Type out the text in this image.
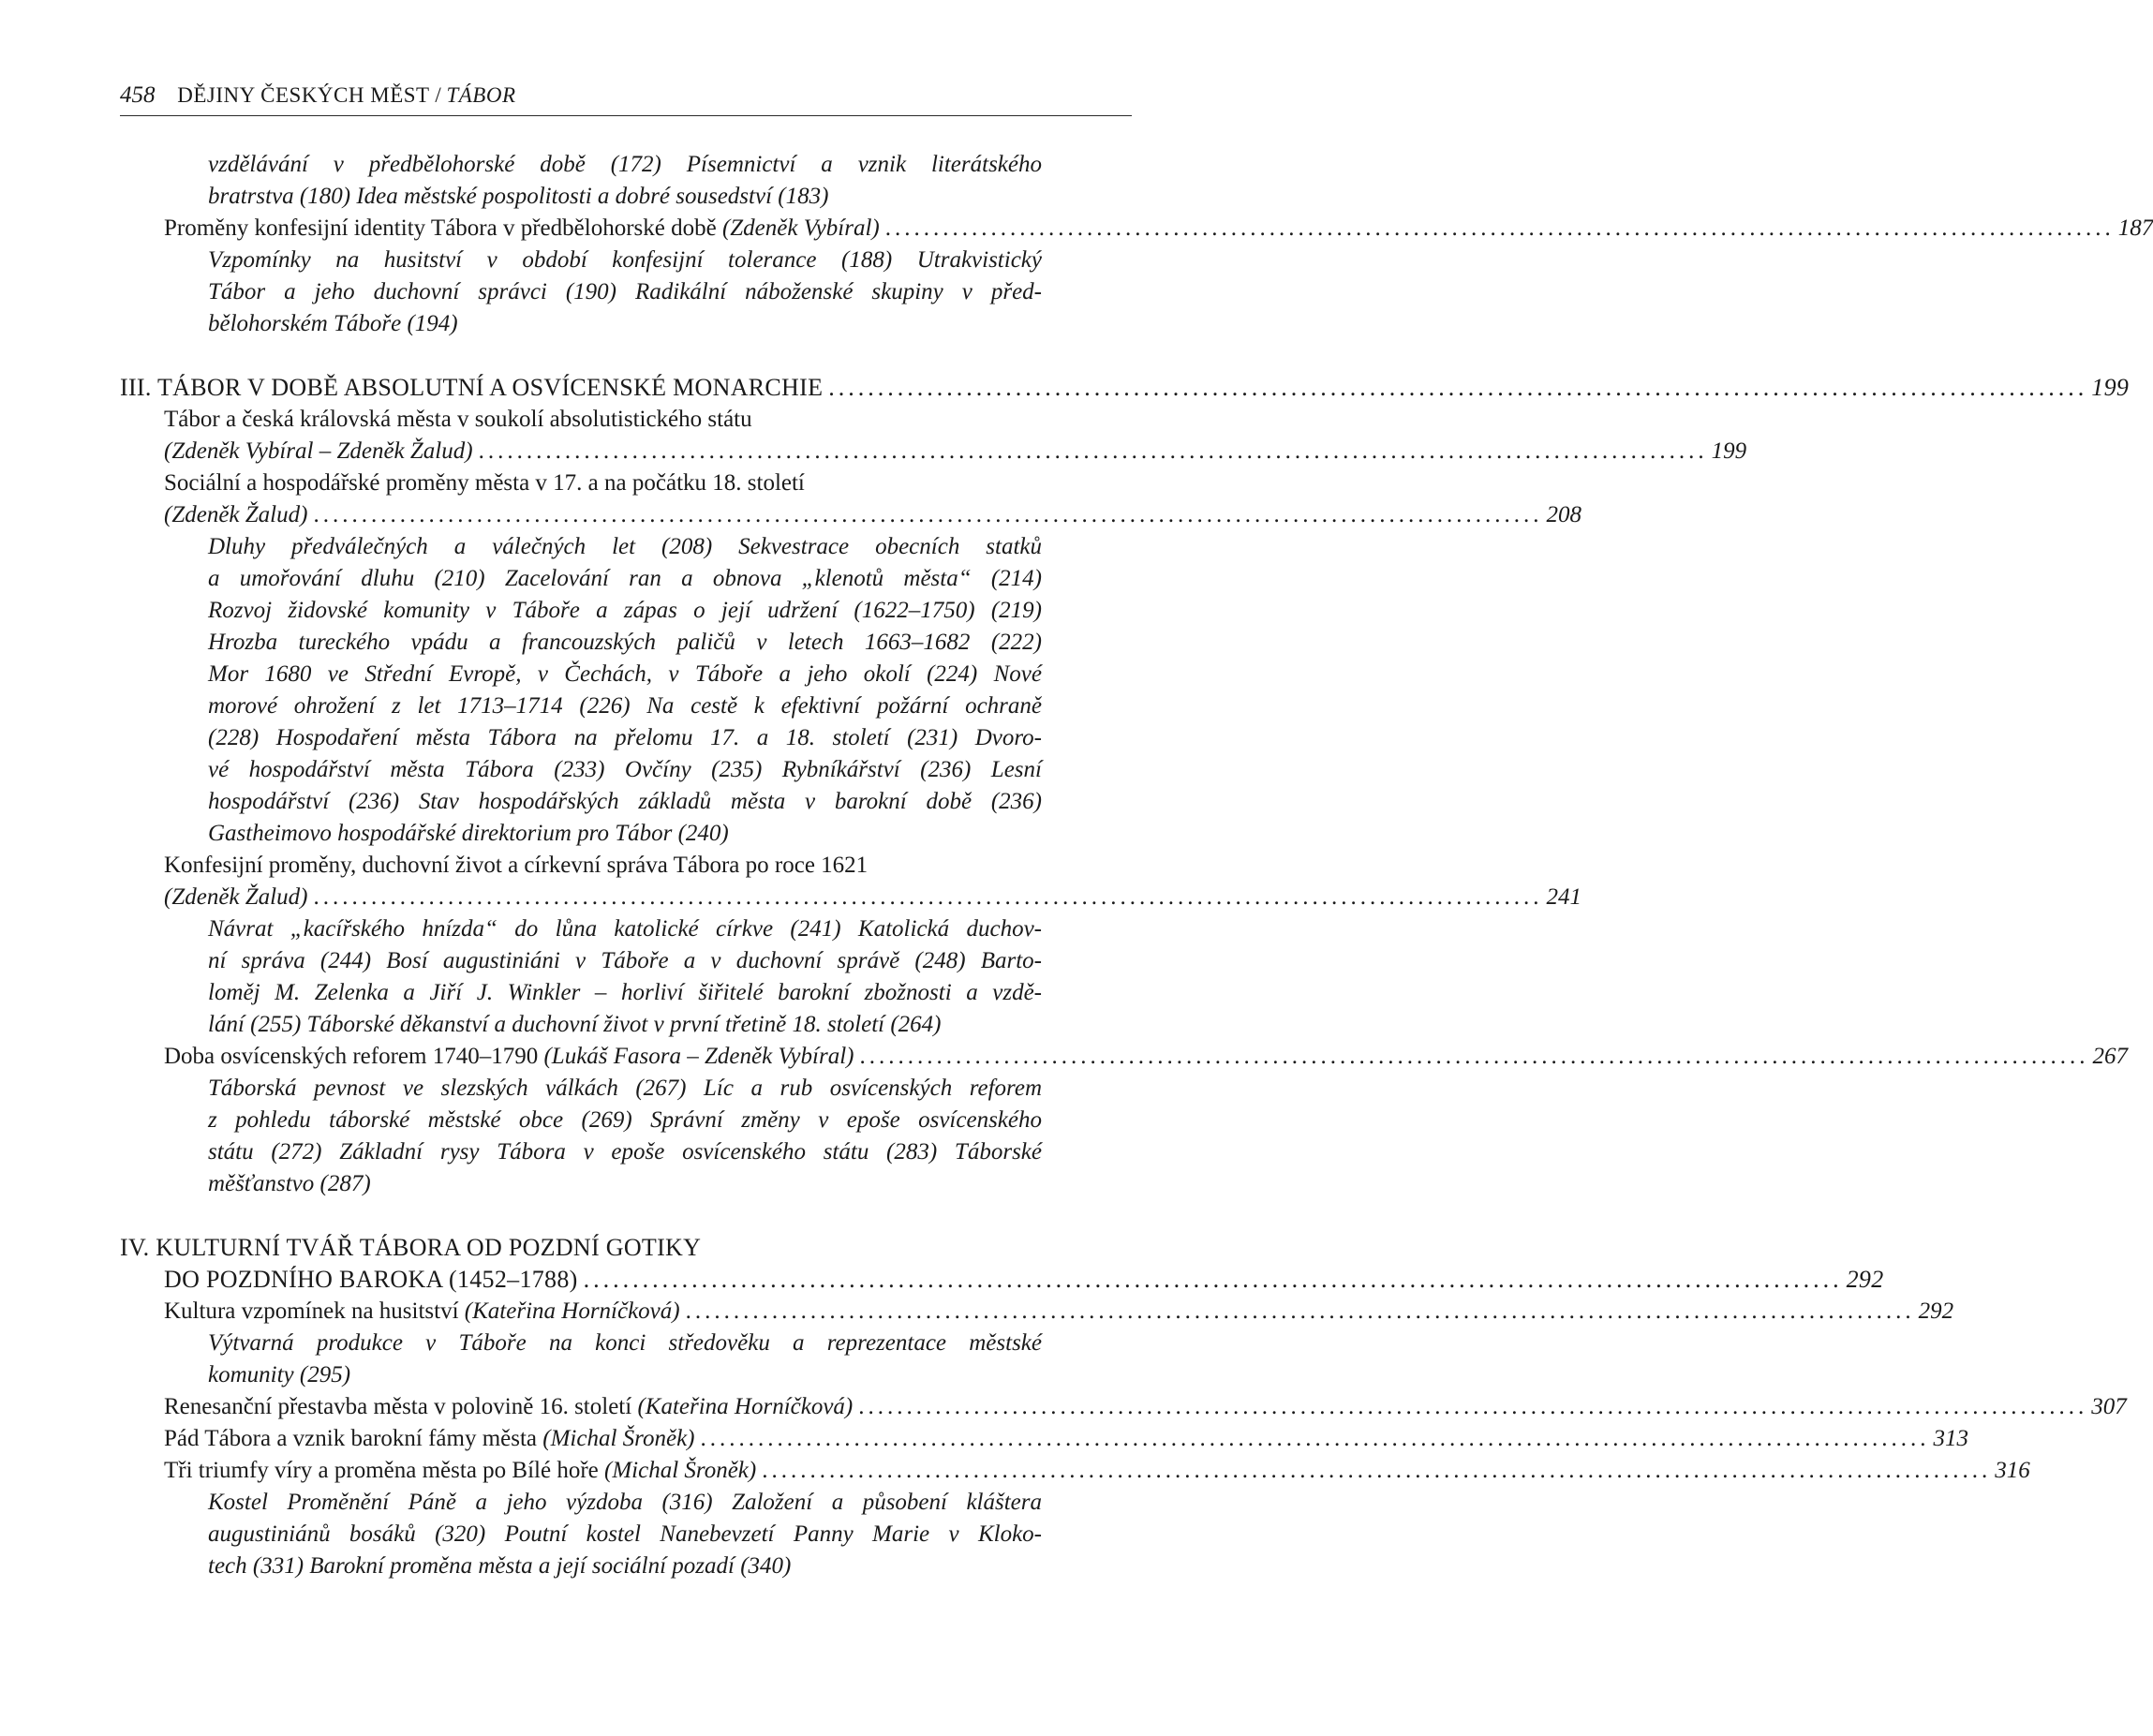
458 DĚJINY ČESKÝCH MĚST / TÁBOR
vzdělávání v předbělohorské době (172) Písemnictví a vznik literátského
bratrstva (180) Idea městské pospolitosti a dobré sousedství (183)
Proměny konfesijní identity Tábora v předbělohorské době (Zdeněk Vybíral) ................................................................................................................................ 187
Vzpomínky na husitství v období konfesijní tolerance (188) Utrakvistický
Tábor a jeho duchovní správci (190) Radikální náboženské skupiny v před-
bělohorském Táboře (194)
III. TÁBOR V DOBĚ ABSOLUTNÍ A OSVÍCENSKÉ MONARCHIE ................................................................................................................................ 199
Tábor a česká královská města v soukolí absolutistického státu
(Zdeněk Vybíral – Zdeněk Žalud) ................................................................................................................................ 199
Sociální a hospodářské proměny města v 17. a na počátku 18. století
(Zdeněk Žalud) ................................................................................................................................ 208
Dluhy předválečných a válečných let (208) Sekvestrace obecních statků
a umořování dluhu (210) Zacelování ran a obnova „klenotů města“ (214)
Rozvoj židovské komunity v Táboře a zápas o její udržení (1622–1750) (219)
Hrozba tureckého vpádu a francouzských paličů v letech 1663–1682 (222)
Mor 1680 ve Střední Evropě, v Čechách, v Táboře a jeho okolí (224) Nové
morové ohrožení z let 1713–1714 (226) Na cestě k efektivní požární ochraně
(228) Hospodaření města Tábora na přelomu 17. a 18. století (231) Dvoro-
vé hospodářství města Tábora (233) Ovčíny (235) Rybníkářství (236) Lesní
hospodářství (236) Stav hospodářských základů města v barokní době (236)
Gastheimovo hospodářské direktorium pro Tábor (240)
Konfesijní proměny, duchovní život a církevní správa Tábora po roce 1621
(Zdeněk Žalud) ................................................................................................................................ 241
Návrat „kacířského hnízda“ do lůna katolické církve (241) Katolická duchov-
ní správa (244) Bosí augustiniáni v Táboře a v duchovní správě (248) Barto-
loměj M. Zelenka a Jiří J. Winkler – horliví šiřitelé barokní zbožnosti a vzdě-
lání (255) Táborské děkanství a duchovní život v první třetině 18. století (264)
Doba osvícenských reforem 1740–1790 (Lukáš Fasora – Zdeněk Vybíral) ................................................................................................................................ 267
Táborská pevnost ve slezských válkách (267) Líc a rub osvícenských reforem
z pohledu táborské městské obce (269) Správní změny v epoše osvícenského
státu (272) Základní rysy Tábora v epoše osvícenského státu (283) Táborské
měšťanstvo (287)
IV. KULTURNÍ TVÁŘ TÁBORA OD POZDNÍ GOTIKY
DO POZDNÍHO BAROKA (1452–1788) ................................................................................................................................ 292
Kultura vzpomínek na husitství (Kateřina Horníčková) ................................................................................................................................ 292
Výtvarná produkce v Táboře na konci středověku a reprezentace městské
komunity (295)
Renesanční přestavba města v polovině 16. století (Kateřina Horníčková) ................................................................................................................................ 307
Pád Tábora a vznik barokní fámy města (Michal Šroněk) ................................................................................................................................ 313
Tři triumfy víry a proměna města po Bílé hoře (Michal Šroněk) ................................................................................................................................ 316
Kostel Proměnění Páně a jeho výzdoba (316) Založení a působení kláštera
augustiniánů bosáků (320) Poutní kostel Nanebevzetí Panny Marie v Kloko-
tech (331) Barokní proměna města a její sociální pozadí (340)
